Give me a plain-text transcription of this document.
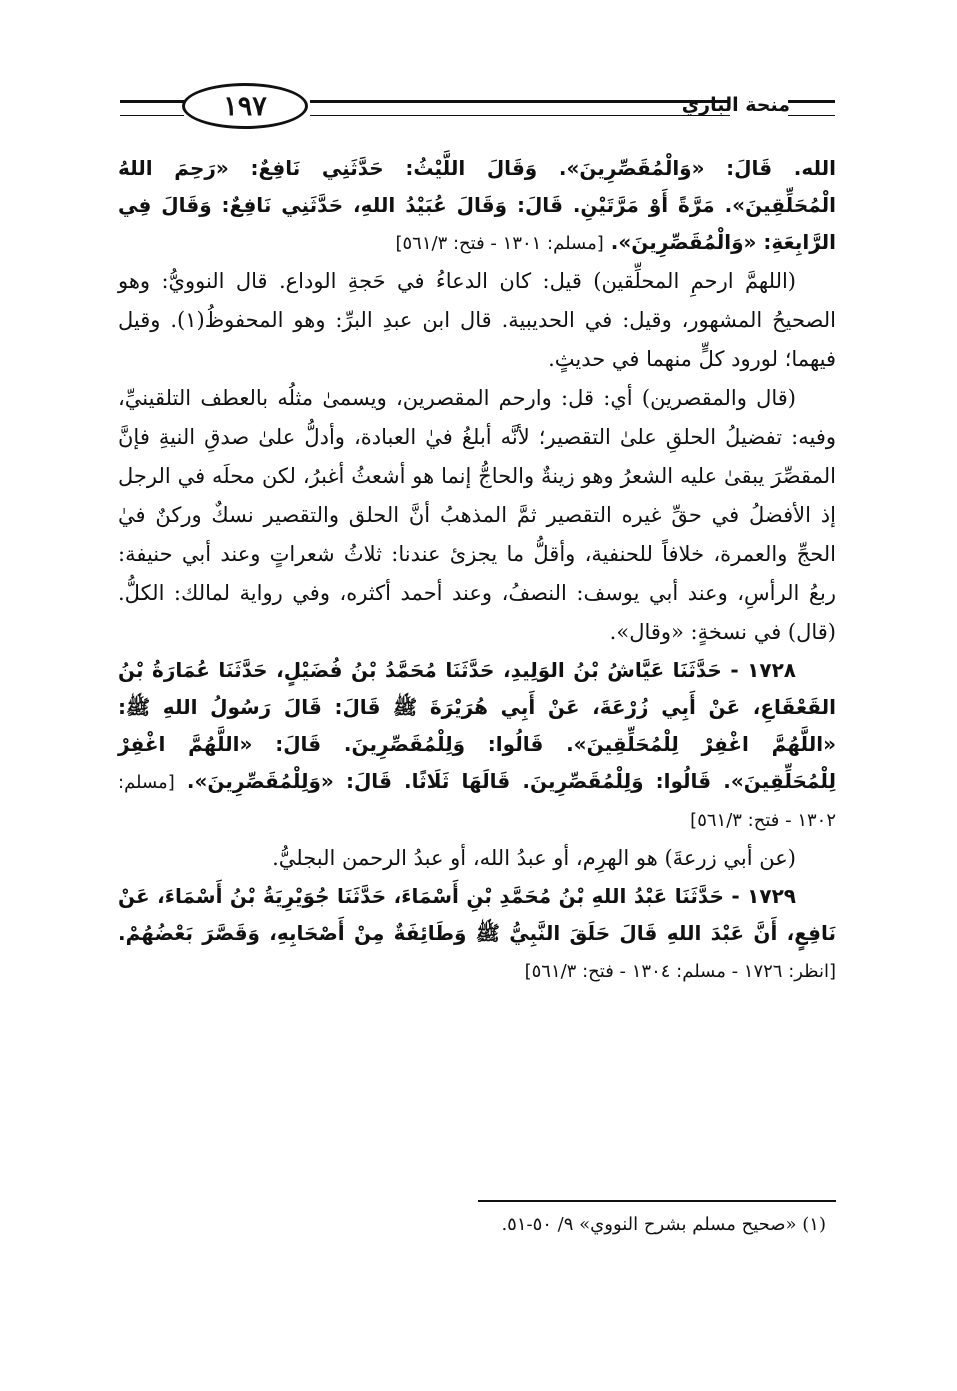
١٩٧	منحة الباري

الله. قَالَ: «وَالْمُقَصِّرِينَ». وَقَالَ اللَّيْثُ: حَدَّثَنِي نَافِعٌ: «رَحِمَ اللهُ الْمُحَلِّقِينَ». مَرَّةً أَوْ مَرَّتَيْنِ. قَالَ: وَقَالَ عُبَيْدُ اللهِ، حَدَّثَنِي نَافِعٌ: وَقَالَ فِي الرَّابِعَةِ: «وَالْمُقَصِّرِينَ». [مسلم: ١٣٠١ - فتح: ٥٦١/٣]

(اللهمَّ ارحمِ المحلِّقين) قيل: كان الدعاءُ في حَجةِ الوداع. قال النوويُّ: وهو الصحيحُ المشهور، وقيل: في الحديبية. قال ابن عبدِ البرِّ: وهو المحفوظُ(١). وقيل فيهما؛ لورود كلٍّ منهما في حديثٍ.

(قال والمقصرين) أي: قل: وارحم المقصرين، ويسمىٰ مثلُه بالعطف التلقينيِّ، وفيه: تفضيلُ الحلقِ علىٰ التقصير؛ لأنَّه أبلغُ فيٰ العبادة، وأدلُّ علىٰ صدقِ النيةِ فإنَّ المقصِّرَ يبقىٰ عليه الشعرُ وهو زينةٌ والحاجُّ إنما هو أشعثُ أغبرُ، لكن محلَه في الرجل إذ الأفضلُ في حقِّ غيره التقصير ثمَّ المذهبُ أنَّ الحلق والتقصير نسكٌ وركنٌ فيٰ الحجِّ والعمرة، خلافاً للحنفية، وأقلُّ ما يجزئ عندنا: ثلاثُ شعراتٍ وعند أبي حنيفة: ربعُ الرأسِ، وعند أبي يوسف: النصفُ، وعند أحمد أكثره، وفي رواية لمالك: الكلُّ. (قال) في نسخةٍ: «وقال».

١٧٢٨ - حَدَّثَنَا عَيَّاشُ بْنُ الوَلِيدِ، حَدَّثَنَا مُحَمَّدُ بْنُ فُضَيْلٍ، حَدَّثَنَا عُمَارَةُ بْنُ القَعْقَاعِ، عَنْ أَبِي زُرْعَةَ، عَنْ أَبِي هُرَيْرَةَ ﷺ قَالَ: قَالَ رَسُولُ اللهِ ﷺ: «اللَّهُمَّ اغْفِرْ لِلْمُحَلِّقِينَ». قَالُوا: وَلِلْمُقَصِّرِينَ. قَالَ: «اللَّهُمَّ اغْفِرْ لِلْمُحَلِّقِينَ». قَالُوا: وَلِلْمُقَصِّرِينَ. قَالَهَا ثَلَاثًا. قَالَ: «وَلِلْمُقَصِّرِينَ». [مسلم: ١٣٠٢ - فتح: ٥٦١/٣]

(عن أبي زرعةَ) هو الهرِم، أو عبدُ الله، أو عبدُ الرحمن البجليُّ.

١٧٢٩ - حَدَّثَنَا عَبْدُ اللهِ بْنُ مُحَمَّدِ بْنِ أَسْمَاءَ، حَدَّثَنَا جُوَيْرِيَةُ بْنُ أَسْمَاءَ، عَنْ نَافِعٍ، أَنَّ عَبْدَ اللهِ قَالَ حَلَقَ النَّبِيُّ ﷺ وَطَائِفَةٌ مِنْ أَصْحَابِهِ، وَقَصَّرَ بَعْضُهُمْ. [انظر: ١٧٢٦ - مسلم: ١٣٠٤ - فتح: ٥٦١/٣]

(١) «صحيح مسلم بشرح النووي» ٩/ ٥٠-٥١.
